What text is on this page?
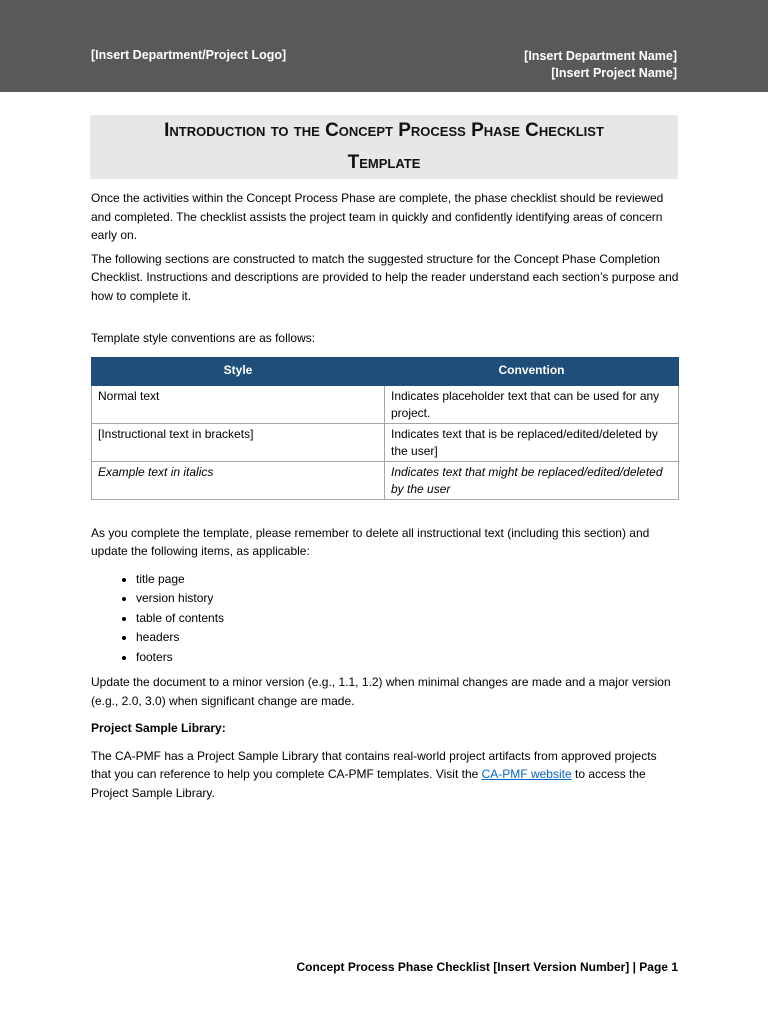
[Insert Department/Project Logo]	[Insert Department Name]
[Insert Project Name]
Introduction to the Concept Process Phase Checklist
Template

Once the activities within the Concept Process Phase are complete, the phase checklist should be reviewed and completed. The checklist assists the project team in quickly and confidently identifying areas of concern early on.

The following sections are constructed to match the suggested structure for the Concept Phase Completion Checklist. Instructions and descriptions are provided to help the reader understand each section’s purpose and how to complete it.

Template style conventions are as follows:

Style	Convention
Normal text	Indicates placeholder text that can be used for any project.
[Instructional text in brackets]	Indicates text that is be replaced/edited/deleted by the user]
Example text in italics	Indicates text that might be replaced/edited/deleted by the user

As you complete the template, please remember to delete all instructional text (including this section) and update the following items, as applicable:

• title page
• version history
• table of contents
• headers
• footers

Update the document to a minor version (e.g., 1.1, 1.2) when minimal changes are made and a major version (e.g., 2.0, 3.0) when significant change are made.

Project Sample Library:

The CA-PMF has a Project Sample Library that contains real-world project artifacts from approved projects that you can reference to help you complete CA-PMF templates. Visit the CA-PMF website to access the Project Sample Library.

Concept Process Phase Checklist [Insert Version Number] | Page 1
